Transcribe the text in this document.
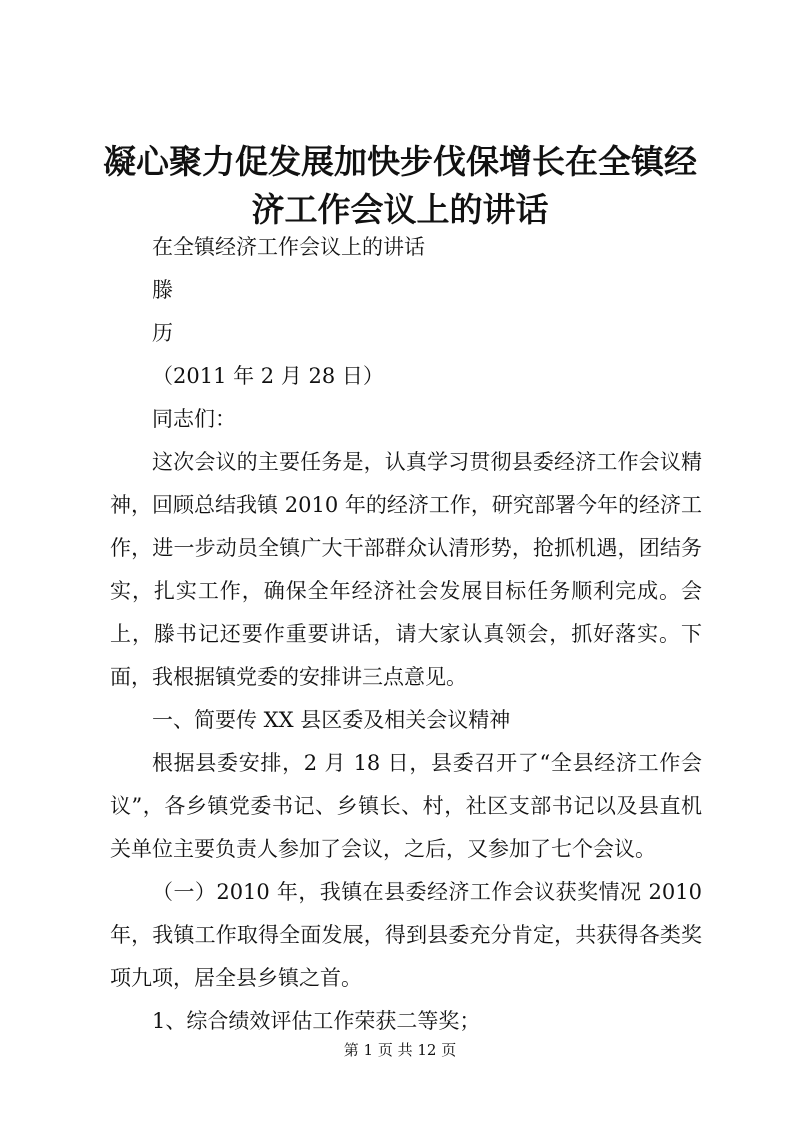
凝心聚力促发展加快步伐保增长在全镇经济工作会议上的讲话

在全镇经济工作会议上的讲话

滕

历

（2011 年 2 月 28 日）

同志们：

这次会议的主要任务是，认真学习贯彻县委经济工作会议精神，回顾总结我镇 2010 年的经济工作，研究部署今年的经济工作，进一步动员全镇广大干部群众认清形势，抢抓机遇，团结务实，扎实工作，确保全年经济社会发展目标任务顺利完成。会上，滕书记还要作重要讲话，请大家认真领会，抓好落实。下面，我根据镇党委的安排讲三点意见。

一、简要传 XX 县区委及相关会议精神

根据县委安排，2 月 18 日，县委召开了“全县经济工作会议”，各乡镇党委书记、乡镇长、村，社区支部书记以及县直机关单位主要负责人参加了会议，之后，又参加了七个会议。

（一）2010 年，我镇在县委经济工作会议获奖情况 2010 年，我镇工作取得全面发展，得到县委充分肯定，共获得各类奖项九项，居全县乡镇之首。

1、综合绩效评估工作荣获二等奖；

第 1 页 共 12 页
